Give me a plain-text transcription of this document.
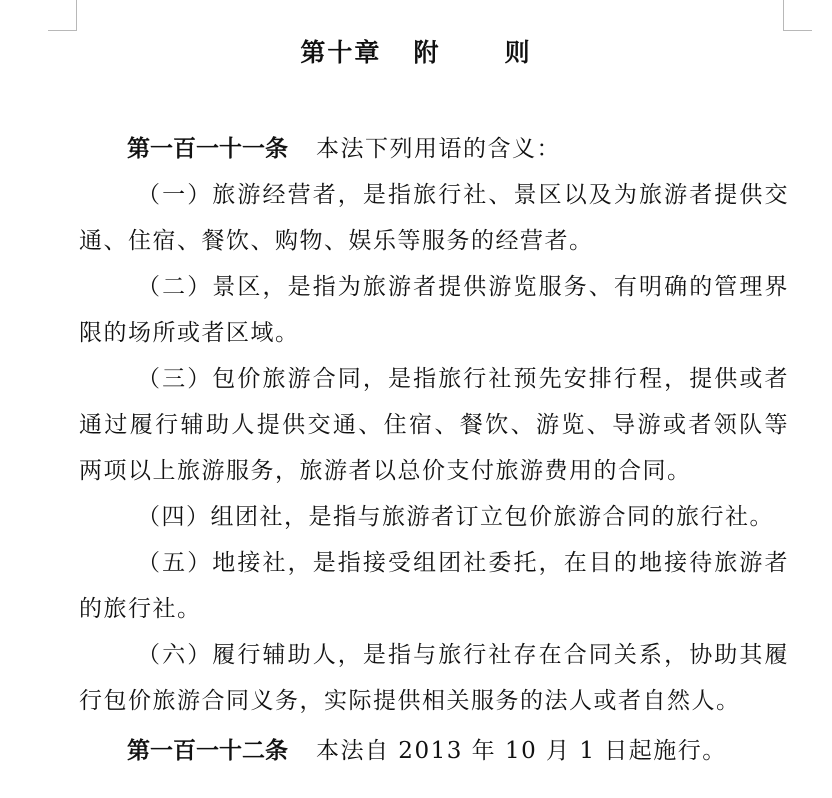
第十章   附      则
第一百一十一条 本法下列用语的含义：

（一）旅游经营者，是指旅行社、景区以及为旅游者提供交通、住宿、餐饮、购物、娱乐等服务的经营者。

（二）景区，是指为旅游者提供游览服务、有明确的管理界限的场所或者区域。

（三）包价旅游合同，是指旅行社预先安排行程，提供或者通过履行辅助人提供交通、住宿、餐饮、游览、导游或者领队等两项以上旅游服务，旅游者以总价支付旅游费用的合同。

（四）组团社，是指与旅游者订立包价旅游合同的旅行社。

（五）地接社，是指接受组团社委托，在目的地接待旅游者的旅行社。

（六）履行辅助人，是指与旅行社存在合同关系，协助其履行包价旅游合同义务，实际提供相关服务的法人或者自然人。

第一百一十二条 本法自 2013 年 10 月 1 日起施行。
